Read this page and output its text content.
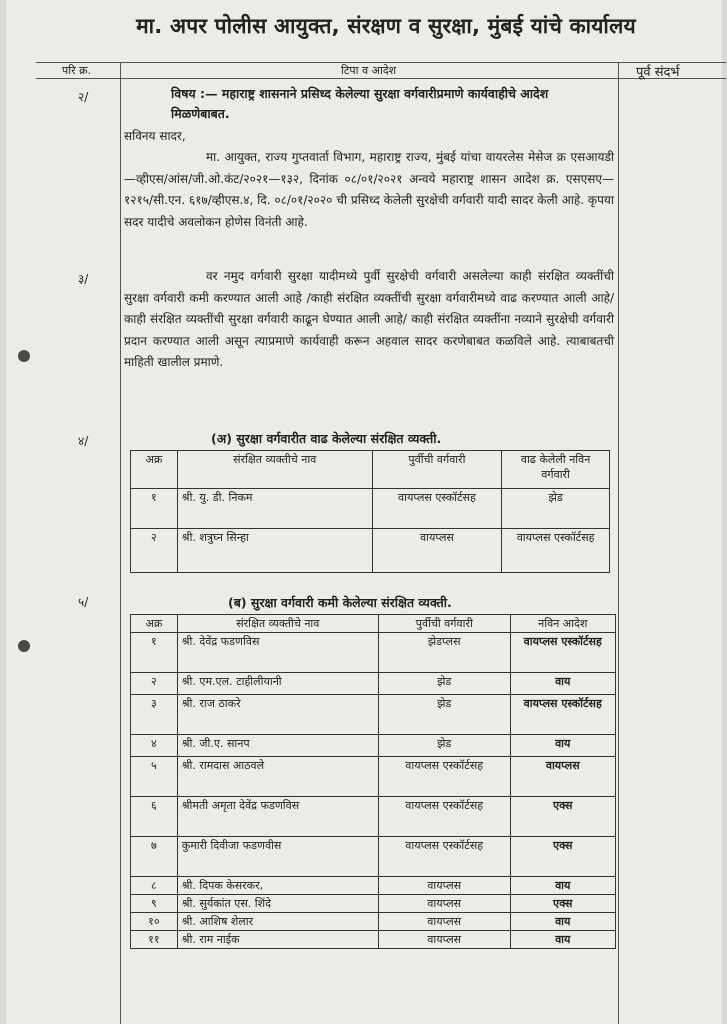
मा. अपर पोलीस आयुक्त, संरक्षण व सुरक्षा, मुंबई यांचे कार्यालय
परि क्र.	टिपा व आदेश	पूर्व संदर्भ
२/	विषय :— महाराष्ट्र शासनाने प्रसिध्द केलेल्या सुरक्षा वर्गवारीप्रमाणे कार्यवाहीचे आदेश मिळणेबाबत.
सविनय सादर,
मा. आयुक्त, राज्य गुप्तवार्ता विभाग, महाराष्ट्र राज्य, मुंबई यांचा वायरलेस मेसेज क्र एसआयडी—व्हीएस/आंस/जी.ओ.कंट/२०२१—१३२, दिनांक ०८/०१/२०२१ अन्वये महाराष्ट्र शासन आदेश क्र. एसएसए—१२१५/सी.एन. ६१७/व्हीएस.४, दि. ०८/०१/२०२० ची प्रसिध्द केलेली सुरक्षेची वर्गवारी यादी सादर केली आहे. कृपया सदर यादीचे अवलोकन होणेस विनंती आहे.
३/	वर नमुद वर्गवारी सुरक्षा यादीमध्ये पुर्वी सुरक्षेची वर्गवारी असलेल्या काही संरक्षित व्यक्तींची सुरक्षा वर्गवारी कमी करण्यात आली आहे /काही संरक्षित व्यक्तींची सुरक्षा वर्गवारीमध्ये वाढ करण्यात आली आहे/काही संरक्षित व्यक्तींची सुरक्षा वर्गवारी काढून घेण्यात आली आहे/ काही संरक्षित व्यक्तींना नव्याने सुरक्षेची वर्गवारी प्रदान करण्यात आली असून त्याप्रमाणे कार्यवाही करून अहवाल सादर करणेबाबत कळविले आहे. त्याबाबतची माहिती खालील प्रमाणे.
४/	(अ) सुरक्षा वर्गवारीत वाढ केलेल्या संरक्षित व्यक्ती.
अक्र	संरक्षित व्यक्तीचे नाव	पुर्वीची वर्गवारी	वाढ केलेली नविन वर्गवारी
१	श्री. यु. डी. निकम	वायप्लस एस्कॉर्टसह	झेड
२	श्री. शत्रुघ्न सिन्हा	वायप्लस	वायप्लस एस्कॉर्टसह
५/	(ब) सुरक्षा वर्गवारी कमी केलेल्या संरक्षित व्यक्ती.
अक्र	संरक्षित व्यक्तीचे नाव	पुर्वीची वर्गवारी	नविन आदेश
१	श्री. देवेंद्र फडणविस	झेडप्लस	वायप्लस एस्कॉर्टसह
२	श्री. एम.एल. टाहीलीयानी	झेड	वाय
३	श्री. राज ठाकरे	झेड	वायप्लस एस्कॉर्टसह
४	श्री. जी.ए. सानप	झेड	वाय
५	श्री. रामदास आठवले	वायप्लस एस्कॉर्टसह	वायप्लस
६	श्रीमती अमृता देवेंद्र फडणविस	वायप्लस एस्कॉर्टसह	एक्स
७	कुमारी दिवीजा फडणवीस	वायप्लस एस्कॉर्टसह	एक्स
८	श्री. दिपक केसरकर,	वायप्लस	वाय
९	श्री. सुर्यकांत एस. शिंदे	वायप्लस	एक्स
१०	श्री. आशिष शेलार	वायप्लस	वाय
११	श्री. राम नाईक	वायप्लस	वाय
